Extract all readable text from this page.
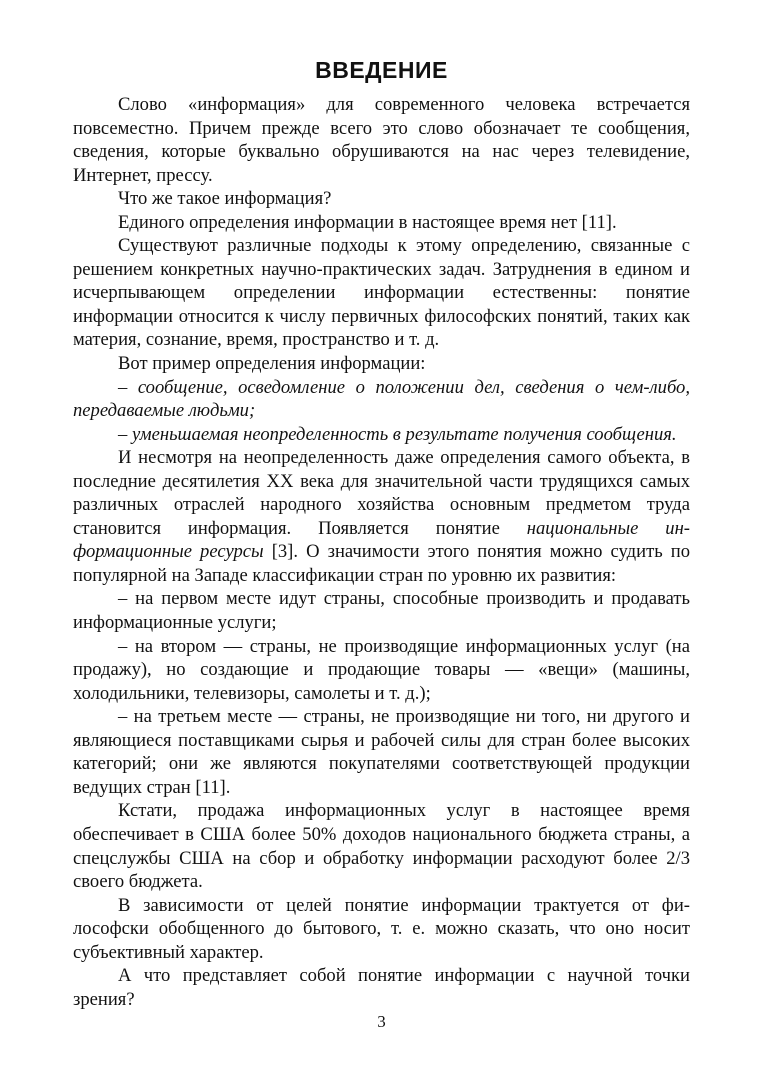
ВВЕДЕНИЕ

Слово «информация» для современного человека встречается повсеместно. Причем прежде всего это слово обозначает те сообщения, сведения, которые буквально обрушиваются на нас через телевидение, Интернет, прессу.

Что же такое информация?

Единого определения информации в настоящее время нет [11].

Существуют различные подходы к этому определению, связанные с решением конкретных научно-практических задач. Затруднения в едином и исчерпывающем определении информации естественны: понятие информации относится к числу первичных философских понятий, таких как материя, сознание, время, пространство и т. д.

Вот пример определения информации:

– сообщение, осведомление о положении дел, сведения о чем-либо, передаваемые людьми;

– уменьшаемая неопределенность в результате получения сообщения.

И несмотря на неопределенность даже определения самого объекта, в последние десятилетия XX века для значительной части трудящихся самых различных отраслей народного хозяйства основным предметом труда становится информация. Появляется понятие национальные информационные ресурсы [3]. О значимости этого понятия можно судить по популярной на Западе классификации стран по уровню их развития:

– на первом месте идут страны, способные производить и продавать информационные услуги;

– на втором — страны, не производящие информационных услуг (на продажу), но создающие и продающие товары — «вещи» (машины, холодильники, телевизоры, самолеты и т. д.);

– на третьем месте — страны, не производящие ни того, ни другого и являющиеся поставщиками сырья и рабочей силы для стран более высоких категорий; они же являются покупателями соответствующей продукции ведущих стран [11].

Кстати, продажа информационных услуг в настоящее время обеспечивает в США более 50% доходов национального бюджета страны, а спецслужбы США на сбор и обработку информации расходуют более 2/3 своего бюджета.

В зависимости от целей понятие информации трактуется от философски обобщенного до бытового, т. е. можно сказать, что оно носит субъективный характер.

А что представляет собой понятие информации с научной точки зрения?

3
